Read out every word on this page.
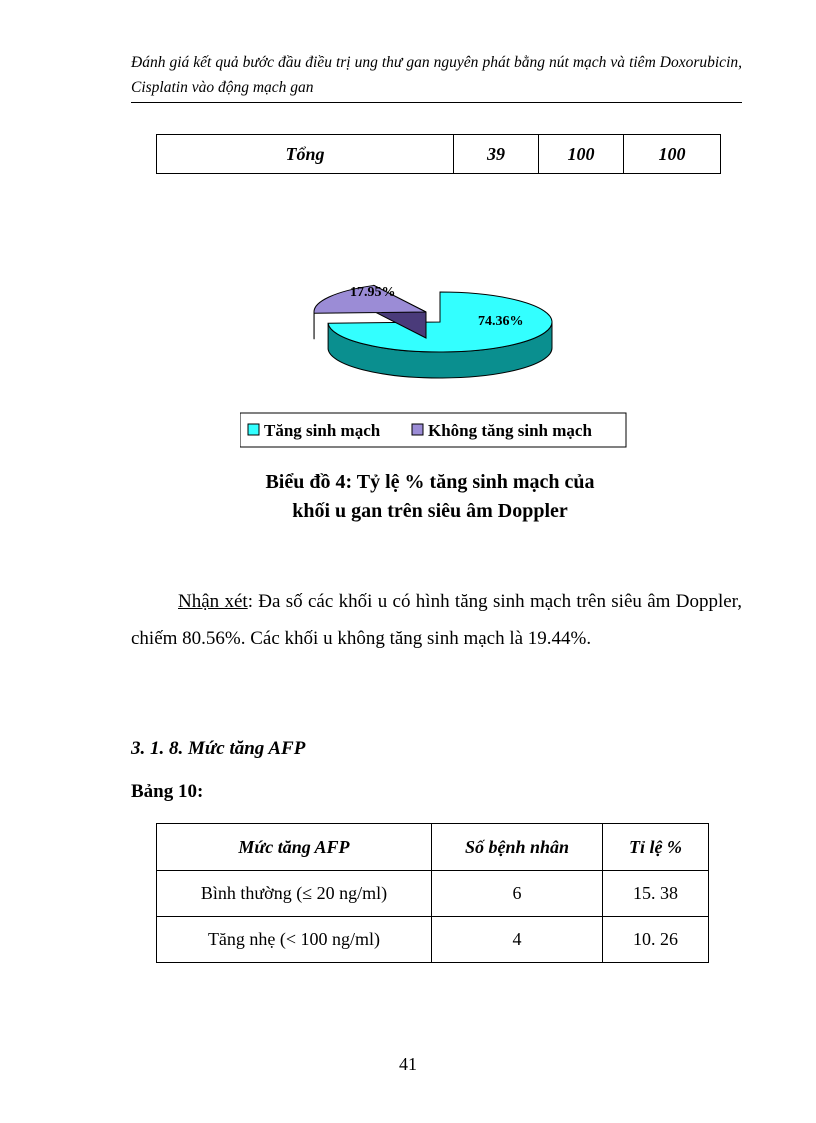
Đánh giá kết quả bước đầu điều trị ung thư gan nguyên phát bằng nút mạch và tiêm Doxorubicin, Cisplatin vào động mạch gan
Tổng	39	100	100
74.36%
17.95%
Tăng sinh mạch	Không tăng sinh mạch
Biểu đồ 4: Tỷ lệ % tăng sinh mạch của
khối u gan trên siêu âm Doppler
Nhận xét: Đa số các khối u có hình tăng sinh mạch trên siêu âm Doppler, chiếm 80.56%. Các khối u không tăng sinh mạch là 19.44%.
3. 1. 8. Mức tăng AFP
Bảng 10:
Mức tăng AFP	Số bệnh nhân	Tỉ lệ %
Bình thường (≤ 20 ng/ml)	6	15. 38
Tăng nhẹ (< 100 ng/ml)	4	10. 26
41
